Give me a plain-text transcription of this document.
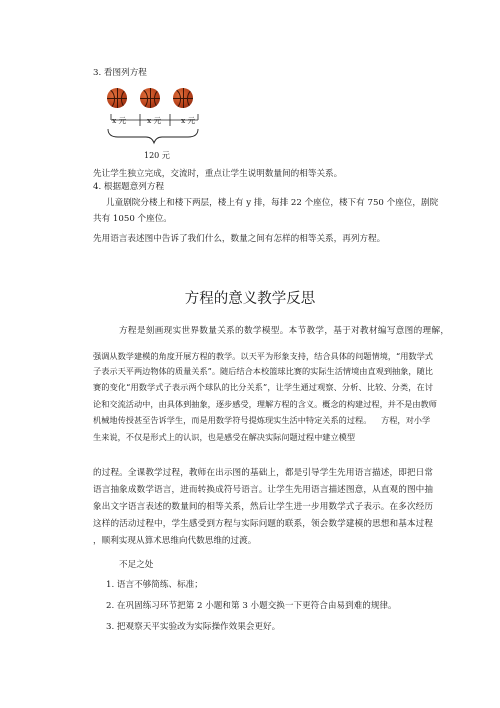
3. 看图列方程
x 元	x 元	x 元
120 元
先让学生独立完成，交流时，重点让学生说明数量间的相等关系。
4. 根据题意列方程
儿童剧院分楼上和楼下两层，楼上有 y 排，每排 22 个座位，楼下有 750 个座位，剧院
共有 1050 个座位。
先用语言表述图中告诉了我们什么，数量之间有怎样的相等关系，再列方程。
方程的意义教学反思
方程是刻画现实世界数量关系的数学模型。本节教学，基于对教材编写意图的理解，
强调从数学建模的角度开展方程的教学。以天平为形象支持，结合具体的问题情境，“用数学式
子表示天平两边物体的质量关系”。随后结合本校篮球比赛的实际生活情境由直观到抽象，随比
赛的变化“用数学式子表示两个球队的比分关系”，让学生通过观察、分析、比较、分类，在讨
论和交流活动中，由具体到抽象，逐步感受，理解方程的含义。概念的构建过程，并不是由教师
机械地传授甚至告诉学生，而是用数学符号提炼现实生活中特定关系的过程。 方程，对小学
生来说，不仅是形式上的认识，也是感受在解决实际问题过程中建立模型
的过程。全课教学过程，教师在出示图的基础上，都是引导学生先用语言描述，即把日常
语言抽象成数学语言，进而转换成符号语言。让学生先用语言描述图意，从直观的图中抽
象出文字语言表述的数量间的相等关系，然后让学生进一步用数学式子表示。在多次经历
这样的活动过程中，学生感受到方程与实际问题的联系，领会数学建模的思想和基本过程
，顺利实现从算术思维向代数思维的过渡。
不足之处
1. 语言不够简练、标准；
2. 在巩固练习环节把第 2 小题和第 3 小题交换一下更符合由易到难的规律。
3. 把观察天平实验改为实际操作效果会更好。
